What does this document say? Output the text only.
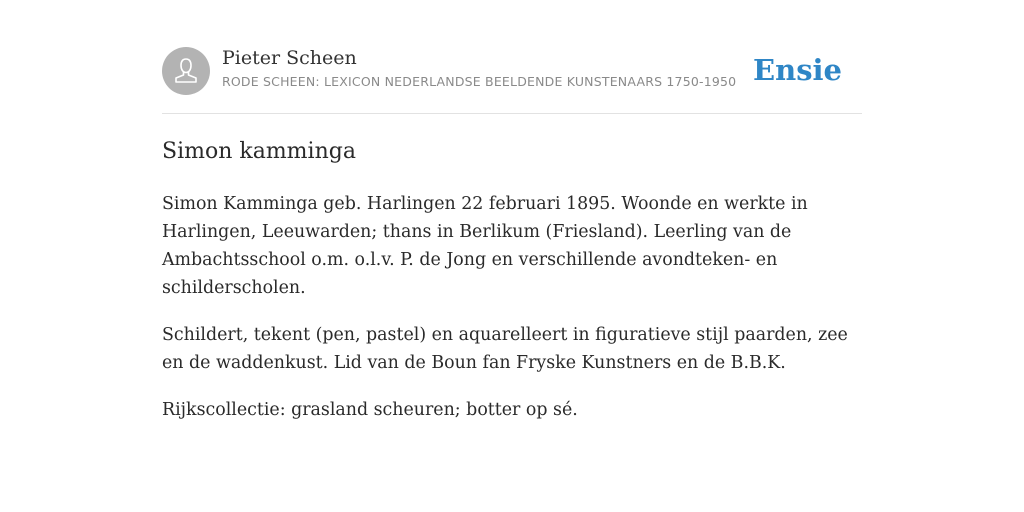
Pieter Scheen
RODE SCHEEN: LEXICON NEDERLANDSE BEELDENDE KUNSTENAARS 1750-1950 Ensie
Simon kamminga

Simon Kamminga geb. Harlingen 22 februari 1895. Woonde en werkte in Harlingen, Leeuwarden; thans in Berlikum (Friesland). Leerling van de Ambachtsschool o.m. o.l.v. P. de Jong en verschillende avondteken- en schilderscholen.

Schildert, tekent (pen, pastel) en aquarelleert in figuratieve stijl paarden, zee en de waddenkust. Lid van de Boun fan Fryske Kunstners en de B.B.K.

Rijkscollectie: grasland scheuren; botter op sé.
